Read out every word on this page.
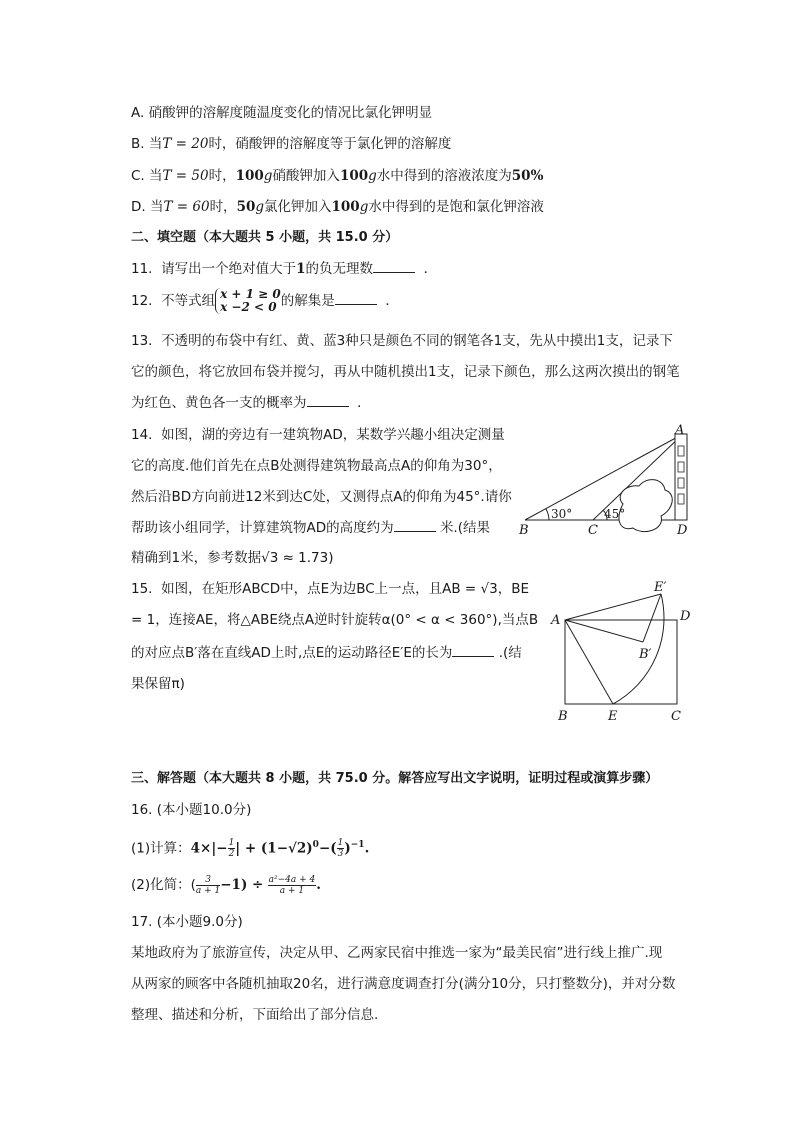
A. 硝酸钾的溶解度随温度变化的情况比氯化钾明显
B. 当T = 20时，硝酸钾的溶解度等于氯化钾的溶解度
C. 当T = 50时，100g硝酸钾加入100g水中得到的溶液浓度为50%
D. 当T = 60时，50g氯化钾加入100g水中得到的是饱和氯化钾溶液
二、填空题（本大题共 5 小题，共 15.0 分）
11. 请写出一个绝对值大于1的负无理数	．
12. 不等式组 x + 1 ≥ 0
x −2 < 0 的解集是	．
13. 不透明的布袋中有红、黄、蓝3种只是颜色不同的钢笔各1支，先从中摸出1支，记录下
它的颜色，将它放回布袋并搅匀，再从中随机摸出1支，记录下颜色，那么这两次摸出的钢笔
为红色、黄色各一支的概率为	．
14. 如图，湖的旁边有一建筑物AD，某数学兴趣小组决定测量
它的高度.他们首先在点B处测得建筑物最高点A的仰角为30°，
然后沿BD方向前进12米到达C处，又测得点A的仰角为45°.请你
帮助该小组同学，计算建筑物AD的高度约为	米.(结果
精确到1米，参考数据√3 ≈ 1.73)
A
B	C	D
30°	45°
15. 如图，在矩形ABCD中，点E为边BC上一点，且AB = √3，BE
= 1，连接AE，将△ABE绕点A逆时针旋转α(0° < α < 360°),当点B
的对应点B′落在直线AD上时,点E的运动路径E′E的长为	.(结
果保留π)
A	D
E′
B′
B	E	C
三、解答题（本大题共 8 小题，共 75.0 分。解答应写出文字说明，证明过程或演算步骤）
16. (本小题10.0分)
(1)计算：$4\times|- \frac{1}{2}$ | + $(1-√2)^0-( \frac{1}{3} )^{-1}$.
(2)化简：( $\frac{3}{a + 1} -1) \div \frac{\text{a²−4a + 4}}{a + 1}$ .
17. (本小题9.0分)
某地政府为了旅游宣传，决定从甲、乙两家民宿中推选一家为“最美民宿”进行线上推广.现
从两家的顾客中各随机抽取20名，进行满意度调查打分(满分10分，只打整数分)，并对分数
整理、描述和分析，下面给出了部分信息.
